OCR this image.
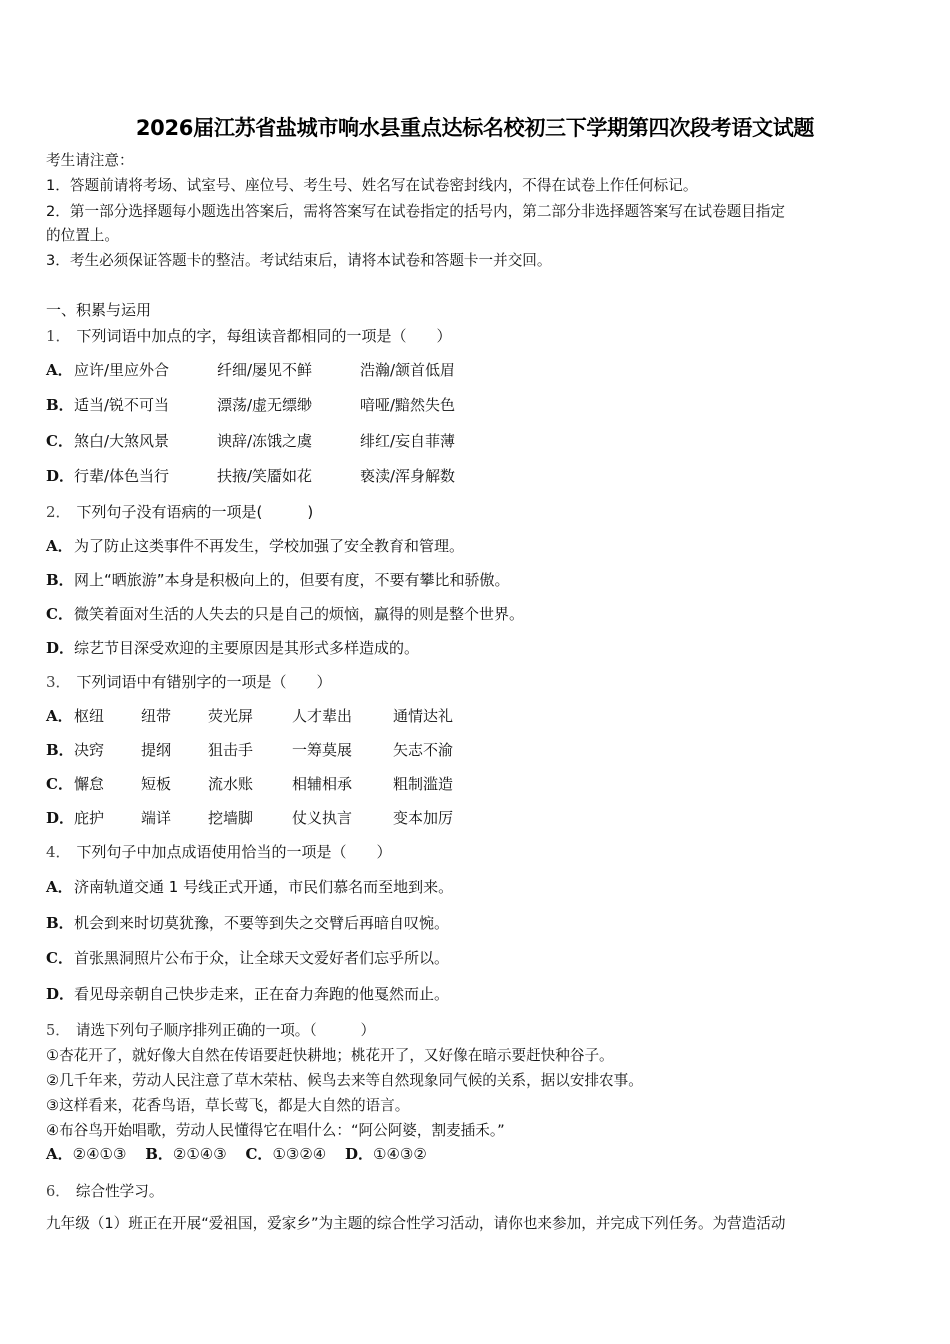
2026届江苏省盐城市响水县重点达标名校初三下学期第四次段考语文试题
考生请注意：
1．答题前请将考场、试室号、座位号、考生号、姓名写在试卷密封线内，不得在试卷上作任何标记。
2．第一部分选择题每小题选出答案后，需将答案写在试卷指定的括号内，第二部分非选择题答案写在试卷题目指定
的位置上。
3．考生必须保证答题卡的整洁。考试结束后，请将本试卷和答题卡一并交回。
一、积累与运用
1． 下列词语中加点的字，每组读音都相同的一项是（　　）
A． 应许/里应外合	纤细/屡见不鲜	浩瀚/颔首低眉
B． 适当/锐不可当	漂荡/虚无缥缈	喑哑/黯然失色
C． 煞白/大煞风景	谀辞/冻饿之虞	绯红/妄自菲薄
D． 行辈/体色当行	扶掖/笑靥如花	亵渎/浑身解数
2． 下列句子没有语病的一项是(　　　)
A． 为了防止这类事件不再发生，学校加强了安全教育和管理。
B． 网上“晒旅游”本身是积极向上的，但要有度，不要有攀比和骄傲。
C． 微笑着面对生活的人失去的只是自己的烦恼，赢得的则是整个世界。
D． 综艺节目深受欢迎的主要原因是其形式多样造成的。
3． 下列词语中有错别字的一项是（　　）
A． 枢纽 纽带 荧光屏	人才辈出	通情达礼
B． 决窍 提纲 狙击手	一筹莫展	矢志不渝
C． 懈怠 短板 流水账	相辅相承	粗制滥造
D． 庇护 端详 挖墙脚	仗义执言	变本加厉
4． 下列句子中加点成语使用恰当的一项是（　　）
A． 济南轨道交通 1 号线正式开通，市民们慕名而至地到来。
B． 机会到来时切莫犹豫，不要等到失之交臂后再暗自叹惋。
C． 首张黑洞照片公布于众，让全球天文爱好者们忘乎所以。
D． 看见母亲朝自己快步走来，正在奋力奔跑的他戛然而止。
5． 请选下列句子顺序排列正确的一项。（　　　）
①杏花开了，就好像大自然在传语要赶快耕地；桃花开了，又好像在暗示要赶快种谷子。
②几千年来，劳动人民注意了草木荣枯、候鸟去来等自然现象同气候的关系，据以安排农事。
③这样看来，花香鸟语，草长莺飞，都是大自然的语言。
④布谷鸟开始唱歌，劳动人民懂得它在唱什么：“阿公阿婆，割麦插禾。”
A．②④①③ B．②①④③ C．①③②④ D．①④③②
6． 综合性学习。
九年级（1）班正在开展“爱祖国，爱家乡”为主题的综合性学习活动，请你也来参加，并完成下列任务。为营造活动
